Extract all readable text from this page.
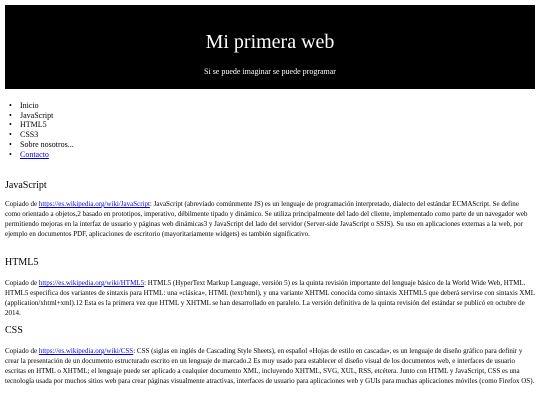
Mi primera web
Si se puede imaginar se puede programar
• Inicio
• JavaScript
• HTML5
• CSS3
• Sobre nosotros...
• Contacto
JavaScript
Copiado de https://es.wikipedia.org/wiki/JavaScript: JavaScript (abreviado comúnmente JS) es un lenguaje de programación interpretado, dialecto del estándar ECMAScript. Se define como orientado a objetos,2 basado en prototipos, imperativo, débilmente tipado y dinámico. Se utiliza principalmente del lado del cliente, implementado como parte de un navegador web permitiendo mejoras en la interfaz de usuario y páginas web dinámicas3 y JavaScript del lado del servidor (Server-side JavaScript o SSJS). Su uso en aplicaciones externas a la web, por ejemplo en documentos PDF, aplicaciones de escritorio (mayoritariamente widgets) es también significativo.
HTML5
Copiado de https://es.wikipedia.org/wiki/HTML5: HTML5 (HyperText Markup Language, versión 5) es la quinta revisión importante del lenguaje básico de la World Wide Web, HTML. HTML5 especifica dos variantes de sintaxis para HTML: una «clásica», HTML (text/html), y una variante XHTML conocida como sintaxis XHTML5 que deberá servirse con sintaxis XML (application/xhtml+xml).12 Esta es la primera vez que HTML y XHTML se han desarrollado en paralelo. La versión definitiva de la quinta revisión del estándar se publicó en octubre de 2014.
CSS
Copiado de https://es.wikipedia.org/wiki/CSS: CSS (siglas en inglés de Cascading Style Sheets), en español «Hojas de estilo en cascada», es un lenguaje de diseño gráfico para definir y crear la presentación de un documento estructurado escrito en un lenguaje de marcado.2 Es muy usado para establecer el diseño visual de los documentos web, e interfaces de usuario escritas en HTML o XHTML; el lenguaje puede ser aplicado a cualquier documento XML, incluyendo XHTML, SVG, XUL, RSS, etcétera. Junto con HTML y JavaScript, CSS es una tecnología usada por muchos sitios web para crear páginas visualmente atractivas, interfaces de usuario para aplicaciones web y GUIs para muchas aplicaciones móviles (como Firefox OS).
